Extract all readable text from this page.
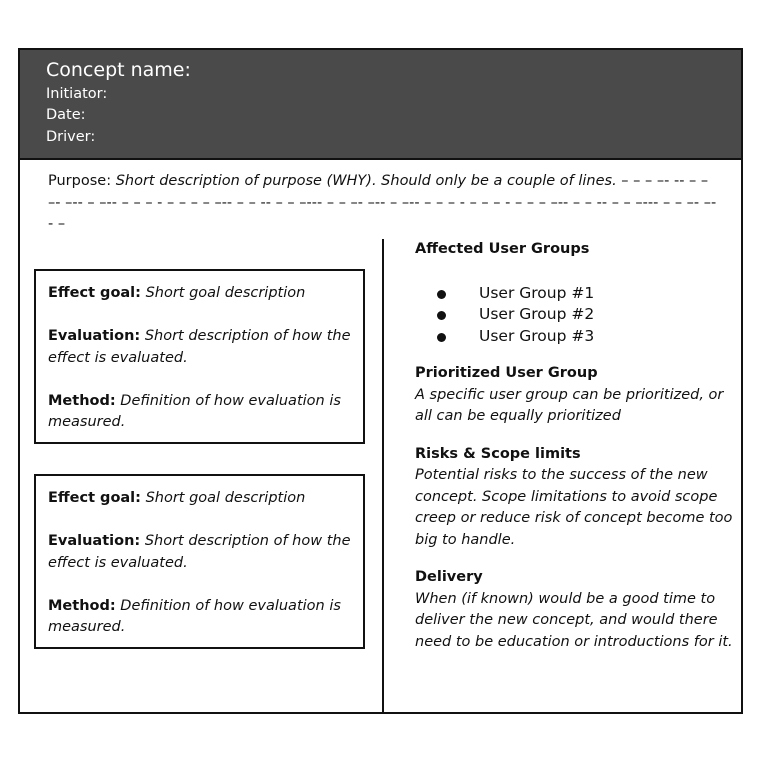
Concept name:
Initiator:
Date:
Driver:
Purpose: Short description of purpose (WHY). Should only be a couple of lines. – – – –- -- – – –- –-- – –-- – – – - – – – – –-- – – -- – – –--- – – –- –-- – –-- – – – - – – – - – – – –-- – – -- – – –--- – – –- –-- –

Effect goal: Short goal description

Evaluation: Short description of how the effect is evaluated.

Method: Definition of how evaluation is measured.

Effect goal: Short goal description

Evaluation: Short description of how the effect is evaluated.

Method: Definition of how evaluation is measured.

Affected User Groups

User Group #1
User Group #2
User Group #3

Prioritized User Group

A specific user group can be prioritized, or all can be equally prioritized

Risks & Scope limits

Potential risks to the success of the new concept. Scope limitations to avoid scope creep or reduce risk of concept become too big to handle.

Delivery

When (if known) would be a good time to deliver the new concept, and would there need to be education or introductions for it.
